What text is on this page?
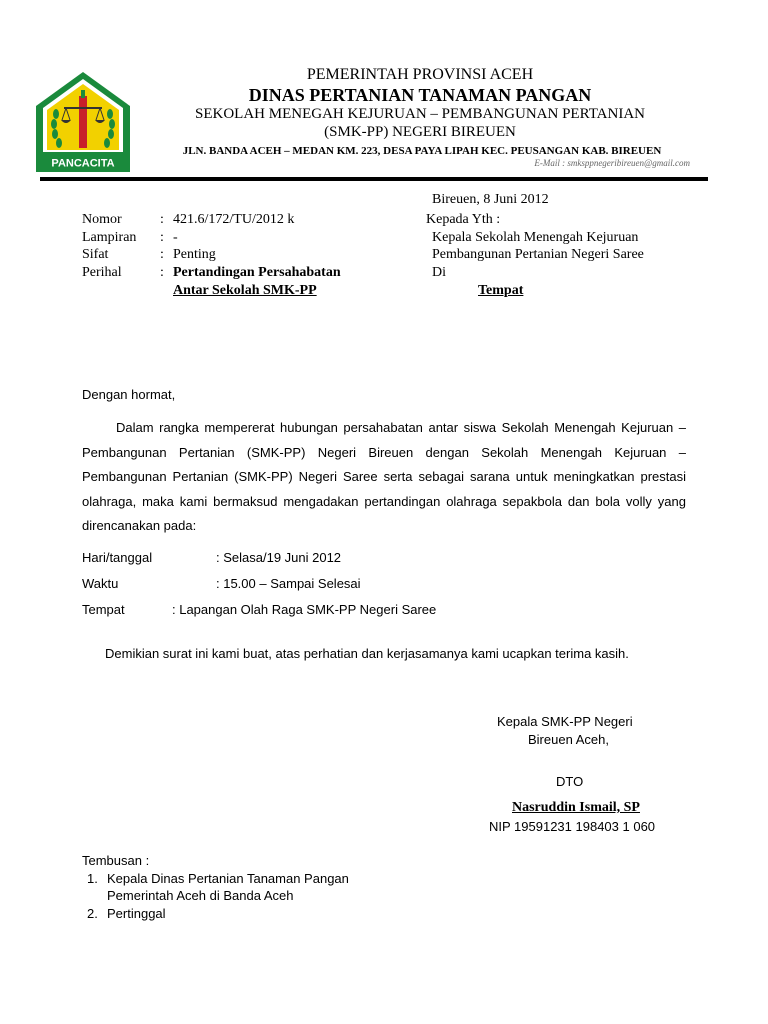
PANCACITA
PEMERINTAH PROVINSI ACEH
DINAS PERTANIAN TANAMAN PANGAN
SEKOLAH MENEGAH KEJURUAN – PEMBANGUNAN PERTANIAN
(SMK-PP) NEGERI BIREUEN
JLN. BANDA ACEH – MEDAN KM. 223, DESA PAYA LIPAH KEC. PEUSANGAN KAB. BIREUEN
E-Mail : smksppnegeribireuen@gmail.com
Bireuen, 8 Juni 2012
Kepada Yth :
Kepala Sekolah Menengah Kejuruan
Pembangunan Pertanian Negeri Saree
Di
Tempat
Nomor	: 421.6/172/TU/2012 k
Lampiran : -
Sifat	: Penting
Perihal	: Pertandingan Persahabatan
Antar Sekolah SMK-PP
Dengan hormat,

Dalam rangka mempererat hubungan persahabatan antar siswa Sekolah Menengah Kejuruan – Pembangunan Pertanian (SMK-PP) Negeri Bireuen dengan Sekolah Menengah Kejuruan – Pembangunan Pertanian (SMK-PP) Negeri Saree serta sebagai sarana untuk meningkatkan prestasi olahraga, maka kami bermaksud mengadakan pertandingan olahraga sepakbola dan bola volly yang direncanakan pada:

Hari/tanggal	: Selasa/19 Juni 2012
Waktu	: 15.00 – Sampai Selesai
Tempat	: Lapangan Olah Raga SMK-PP Negeri Saree
Demikian surat ini kami buat, atas perhatian dan kerjasamanya kami ucapkan terima kasih.
Kepala SMK-PP Negeri
Bireuen Aceh,
DTO
Nasruddin Ismail, SP
NIP 19591231 198403 1 060
Tembusan :
1. Kepala Dinas Pertanian Tanaman Pangan
Pemerintah Aceh di Banda Aceh
2. Pertinggal
